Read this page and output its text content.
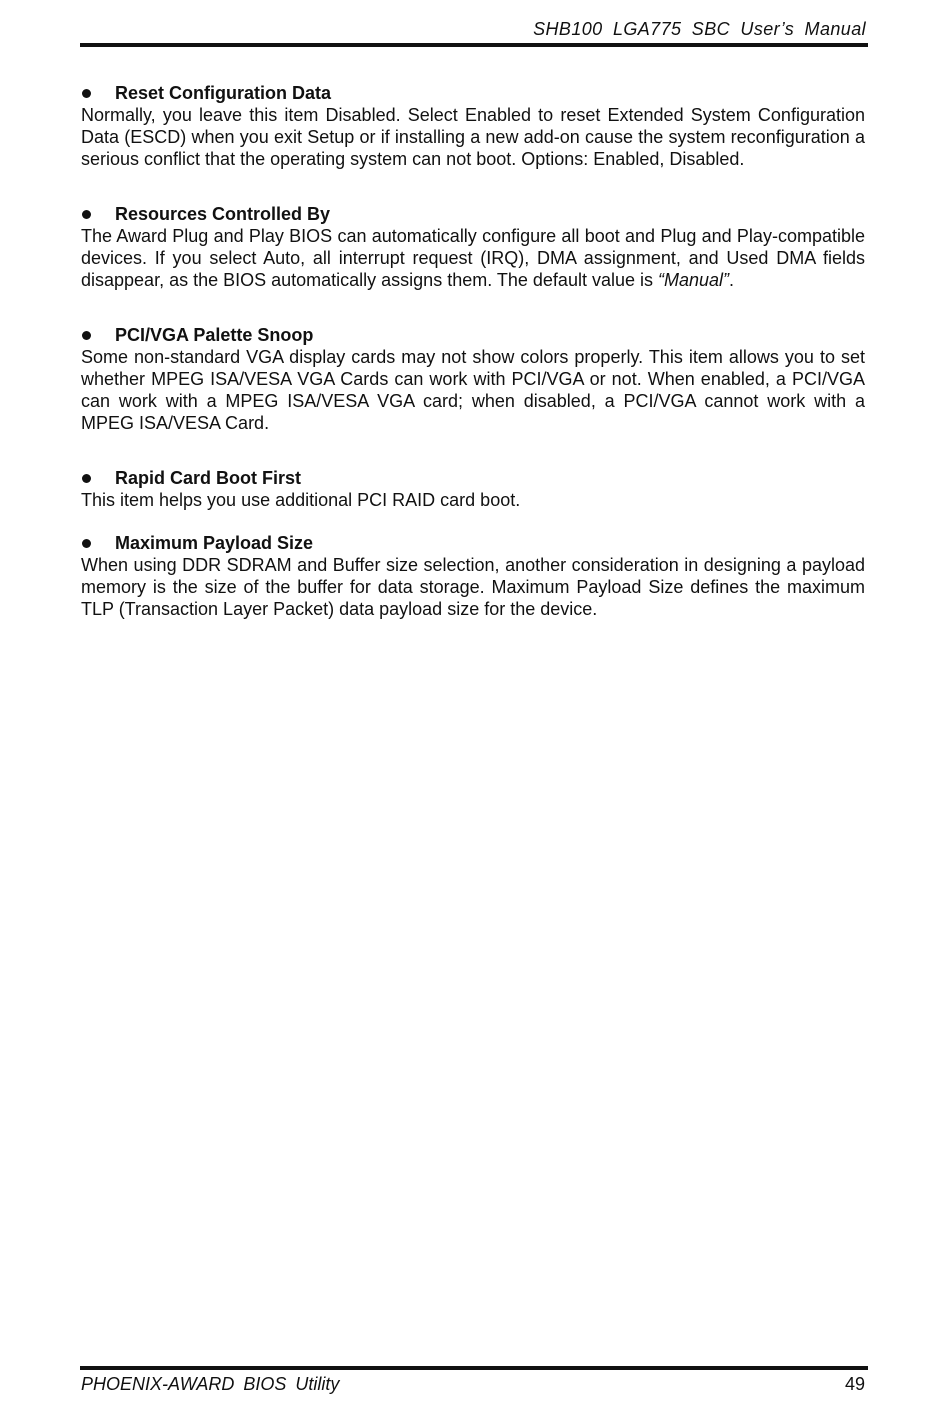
SHB100 LGA775 SBC User’s Manual
Reset Configuration Data

Normally, you leave this item Disabled. Select Enabled to reset Extended System Configuration Data (ESCD) when you exit Setup or if installing a new add-on cause the system reconfiguration a serious conflict that the operating system can not boot. Options: Enabled, Disabled.

Resources Controlled By

The Award Plug and Play BIOS can automatically configure all boot and Plug and Play-compatible devices. If you select Auto, all interrupt request (IRQ), DMA assignment, and Used DMA fields disappear, as the BIOS automatically assigns them. The default value is “Manual”.

PCI/VGA Palette Snoop

Some non-standard VGA display cards may not show colors properly. This item allows you to set whether MPEG ISA/VESA VGA Cards can work with PCI/VGA or not. When enabled, a PCI/VGA can work with a MPEG ISA/VESA VGA card; when disabled, a PCI/VGA cannot work with a MPEG ISA/VESA Card.

Rapid Card Boot First

This item helps you use additional PCI RAID card boot.

Maximum Payload Size

When using DDR SDRAM and Buffer size selection, another consideration in designing a payload memory is the size of the buffer for data storage. Maximum Payload Size defines the maximum TLP (Transaction Layer Packet) data payload size for the device.

PHOENIX-AWARD BIOS Utility	49
